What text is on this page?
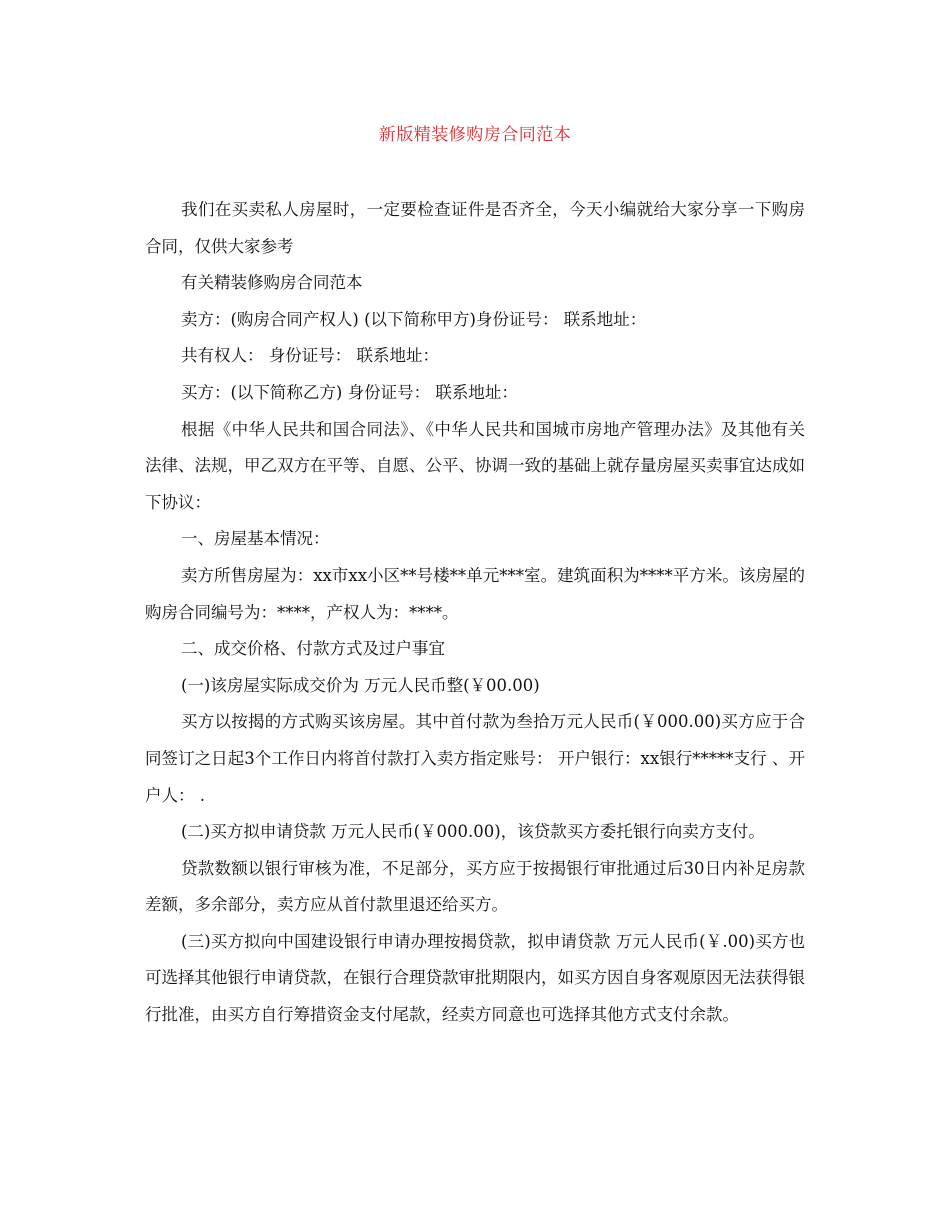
新版精装修购房合同范本

我们在买卖私人房屋时，一定要检查证件是否齐全，今天小编就给大家分享一下购房合同，仅供大家参考

有关精装修购房合同范本

卖方：(购房合同产权人) (以下简称甲方)身份证号： 联系地址：

共有权人： 身份证号： 联系地址：

买方：(以下简称乙方) 身份证号： 联系地址：

根据《中华人民共和国合同法》、《中华人民共和国城市房地产管理办法》及其他有关法律、法规，甲乙双方在平等、自愿、公平、协调一致的基础上就存量房屋买卖事宜达成如下协议：

一、房屋基本情况：

卖方所售房屋为：xx市xx小区**号楼**单元***室。建筑面积为****平方米。该房屋的购房合同编号为：****，产权人为：****。

二、成交价格、付款方式及过户事宜

(一)该房屋实际成交价为 万元人民币整(￥00.00)

买方以按揭的方式购买该房屋。其中首付款为叁拾万元人民币(￥000.00)买方应于合同签订之日起3个工作日内将首付款打入卖方指定账号： 开户银行：xx银行*****支行 、开户人： .

(二)买方拟申请贷款 万元人民币(￥000.00)，该贷款买方委托银行向卖方支付。

贷款数额以银行审核为准，不足部分，买方应于按揭银行审批通过后30日内补足房款差额，多余部分，卖方应从首付款里退还给买方。

(三)买方拟向中国建设银行申请办理按揭贷款，拟申请贷款 万元人民币(￥.00)买方也可选择其他银行申请贷款，在银行合理贷款审批期限内，如买方因自身客观原因无法获得银行批准，由买方自行筹措资金支付尾款，经卖方同意也可选择其他方式支付余款。
